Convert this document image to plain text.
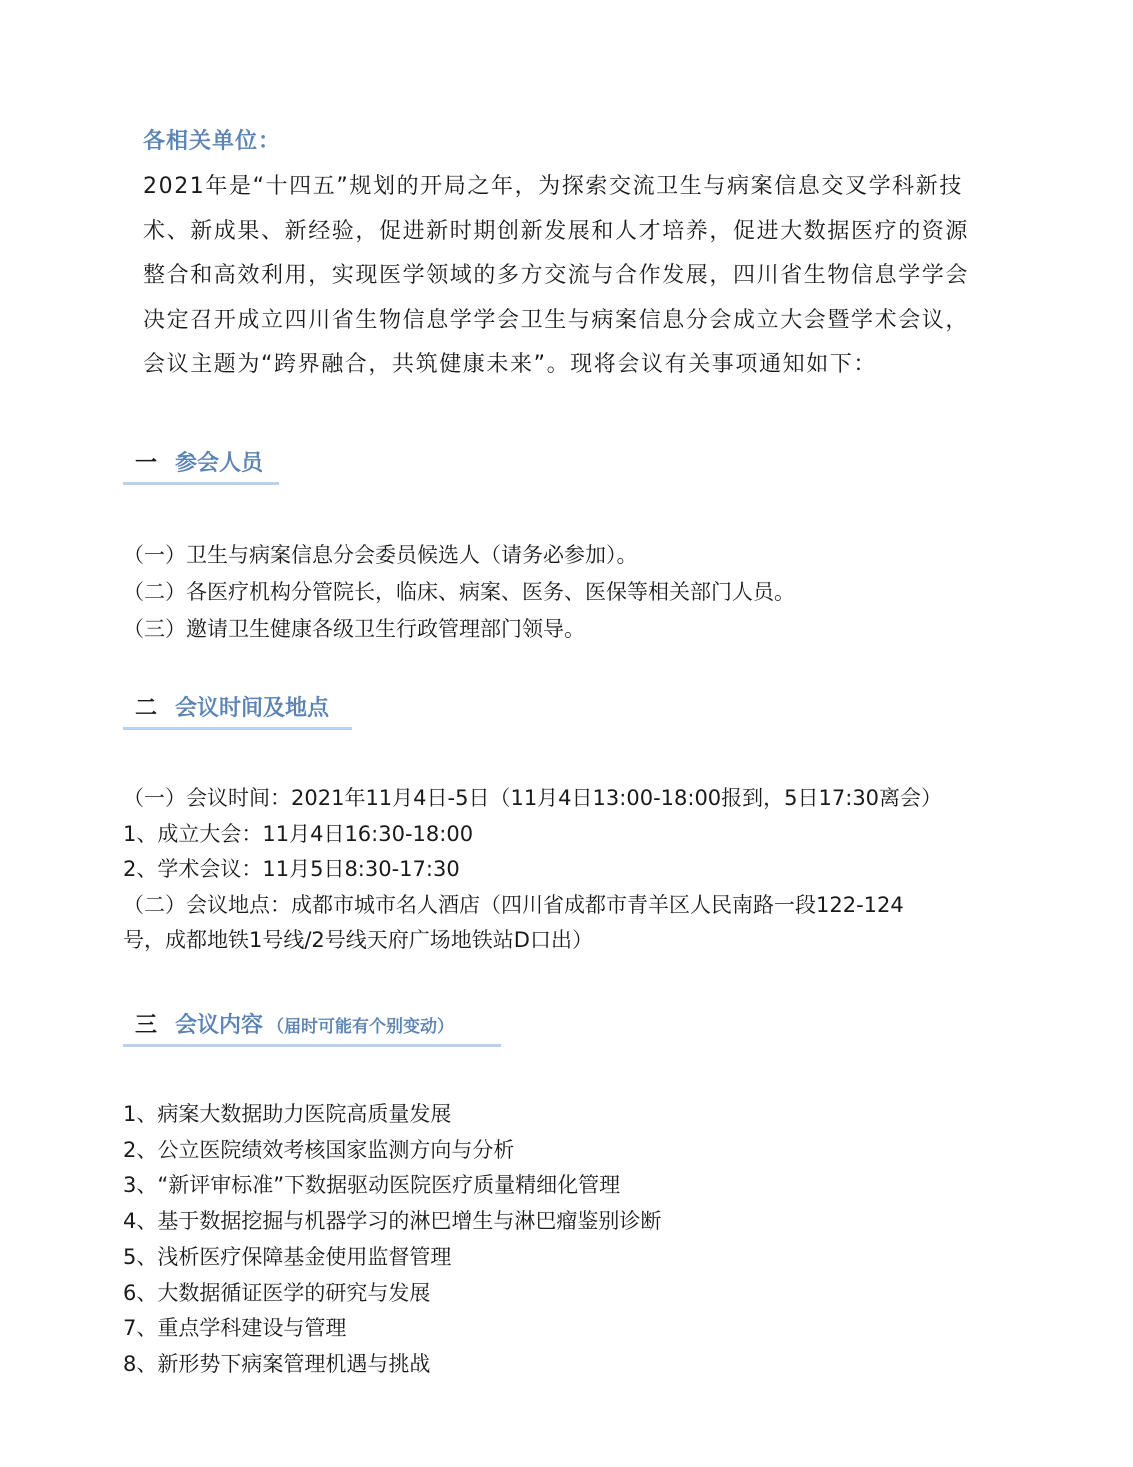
各相关单位：

2021年是“十四五”规划的开局之年，为探索交流卫生与病案信息交叉学科新技术、新成果、新经验，促进新时期创新发展和人才培养，促进大数据医疗的资源整合和高效利用，实现医学领域的多方交流与合作发展，四川省生物信息学学会决定召开成立四川省生物信息学学会卫生与病案信息分会成立大会暨学术会议，会议主题为“跨界融合，共筑健康未来”。现将会议有关事项通知如下：

一 参会人员
（一）卫生与病案信息分会委员候选人（请务必参加）。
（二）各医疗机构分管院长，临床、病案、医务、医保等相关部门人员。
（三）邀请卫生健康各级卫生行政管理部门领导。
二 会议时间及地点
（一）会议时间：2021年11月4日-5日（11月4日13:00-18:00报到，5日17:30离会）
1、成立大会：11月4日16:30-18:00
2、学术会议：11月5日8:30-17:30
（二）会议地点：成都市城市名人酒店（四川省成都市青羊区人民南路一段122-124
号，成都地铁1号线/2号线天府广场地铁站D口出）
三 会议内容 （届时可能有个别变动）
1、病案大数据助力医院高质量发展
2、公立医院绩效考核国家监测方向与分析
3、“新评审标准”下数据驱动医院医疗质量精细化管理
4、基于数据挖掘与机器学习的淋巴增生与淋巴瘤鉴别诊断
5、浅析医疗保障基金使用监督管理
6、大数据循证医学的研究与发展
7、重点学科建设与管理
8、新形势下病案管理机遇与挑战
